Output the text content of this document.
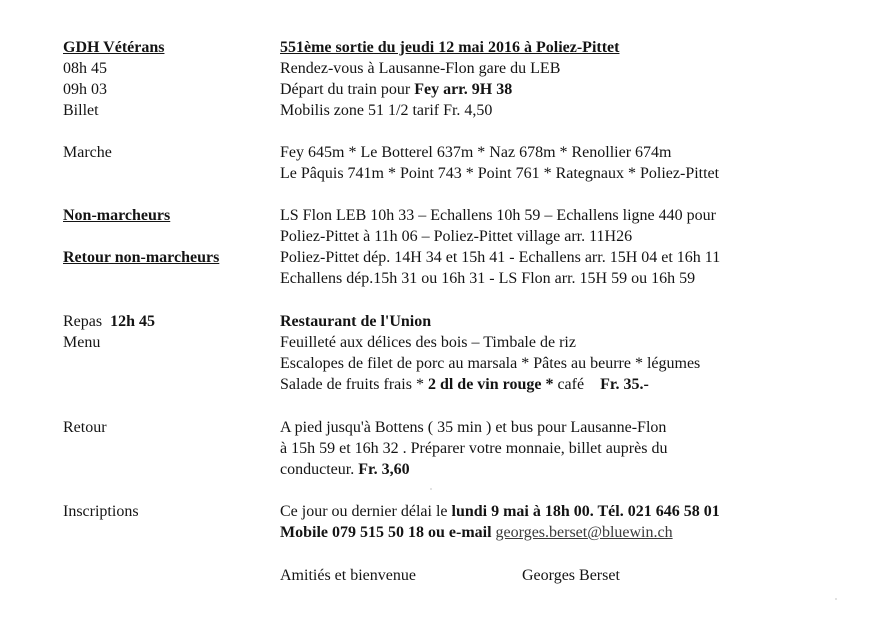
GDH Vétérans	551ème sortie du jeudi 12 mai 2016 à Poliez-Pittet
08h 45	Rendez-vous à Lausanne-Flon gare du LEB
09h 03	Départ du train pour Fey arr. 9H 38
Billet	Mobilis zone 51 1/2 tarif Fr. 4,50
Marche	Fey 645m * Le Botterel 637m * Naz 678m * Renollier 674m
Le Pâquis 741m * Point 743 * Point 761 * Rategnaux * Poliez-Pittet
Non-marcheurs	LS Flon LEB 10h 33 – Echallens 10h 59 – Echallens ligne 440 pour
Poliez-Pittet à 11h 06 – Poliez-Pittet village arr. 11H26
Retour non-marcheurs	Poliez-Pittet dép. 14H 34 et 15h 41 - Echallens arr. 15H 04 et 16h 11
Echallens dép.15h 31 ou 16h 31 - LS Flon arr. 15H 59 ou 16h 59
Repas 12h 45	Restaurant de l'Union
Menu	Feuilleté aux délices des bois – Timbale de riz
Escalopes de filet de porc au marsala * Pâtes au beurre * légumes
Salade de fruits frais * 2 dl de vin rouge * café    Fr. 35.-
Retour	A pied jusqu'à Bottens ( 35 min ) et bus pour Lausanne-Flon
à 15h 59 et 16h 32 . Préparer votre monnaie, billet auprès du
conducteur. Fr. 3,60
Inscriptions	Ce jour ou dernier délai le lundi 9 mai à 18h 00. Tél. 021 646 58 01
Mobile 079 515 50 18 ou e-mail georges.berset@bluewin.ch
Amitiés et bienvenue	Georges Berset
